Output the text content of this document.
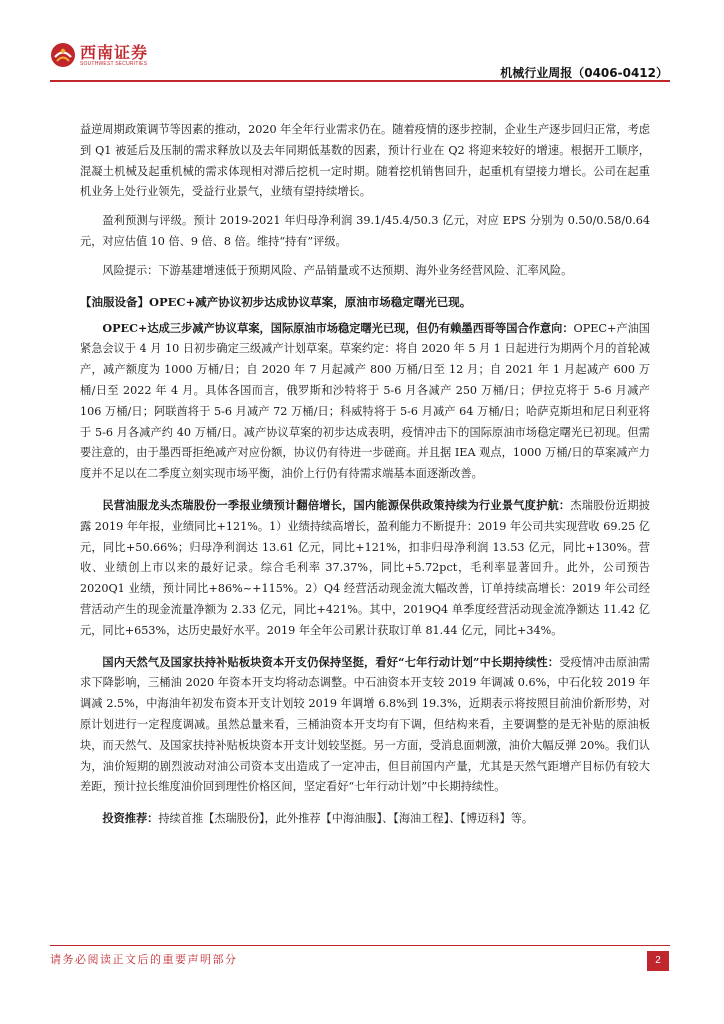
西南证券
SOUTHWEST SECURITIES
机械行业周报（0406-0412）

益逆周期政策调节等因素的推动，2020 年全年行业需求仍在。随着疫情的逐步控制，企业生产逐步回归正常，考虑到 Q1 被延后及压制的需求释放以及去年同期低基数的因素，预计行业在 Q2 将迎来较好的增速。根据开工顺序，混凝土机械及起重机械的需求体现相对滞后挖机一定时期。随着挖机销售回升，起重机有望接力增长。公司在起重机业务上处行业领先，受益行业景气，业绩有望持续增长。

盈利预测与评级。预计 2019-2021 年归母净利润 39.1/45.4/50.3 亿元，对应 EPS 分别为 0.50/0.58/0.64 元，对应估值 10 倍、9 倍、8 倍。维持“持有”评级。

风险提示：下游基建增速低于预期风险、产品销量或不达预期、海外业务经营风险、汇率风险。

【油服设备】OPEC+减产协议初步达成协议草案，原油市场稳定曙光已现。

OPEC+达成三步减产协议草案，国际原油市场稳定曙光已现，但仍有赖墨西哥等国合作意向：OPEC+产油国紧急会议于 4 月 10 日初步确定三级减产计划草案。草案约定：将自 2020 年 5 月 1 日起进行为期两个月的首轮减产，减产额度为 1000 万桶/日；自 2020 年 7 月起减产 800 万桶/日至 12 月；自 2021 年 1 月起减产 600 万桶/日至 2022 年 4 月。具体各国而言，俄罗斯和沙特将于 5-6 月各减产 250 万桶/日；伊拉克将于 5-6 月减产 106 万桶/日；阿联酋将于 5-6 月减产 72 万桶/日；科威特将于 5-6 月减产 64 万桶/日；哈萨克斯坦和尼日利亚将于 5-6 月各减产约 40 万桶/日。减产协议草案的初步达成表明，疫情冲击下的国际原油市场稳定曙光已初现。但需要注意的，由于墨西哥拒绝减产对应份额，协议仍有待进一步磋商。并且据 IEA 观点，1000 万桶/日的草案减产力度并不足以在二季度立刻实现市场平衡，油价上行仍有待需求端基本面逐渐改善。

民营油服龙头杰瑞股份一季报业绩预计翻倍增长，国内能源保供政策持续为行业景气度护航：杰瑞股份近期披露 2019 年年报，业绩同比+121%。1）业绩持续高增长，盈利能力不断提升：2019 年公司共实现营收 69.25 亿元，同比+50.66%；归母净利润达 13.61 亿元，同比+121%，扣非归母净利润 13.53 亿元，同比+130%。营收、业绩创上市以来的最好记录。综合毛利率 37.37%，同比+5.72pct，毛利率显著回升。此外，公司预告 2020Q1 业绩，预计同比+86%~+115%。2）Q4 经营活动现金流大幅改善，订单持续高增长：2019 年公司经营活动产生的现金流量净额为 2.33 亿元，同比+421%。其中，2019Q4 单季度经营活动现金流净额达 11.42 亿元，同比+653%，达历史最好水平。2019 年全年公司累计获取订单 81.44 亿元，同比+34%。

国内天然气及国家扶持补贴板块资本开支仍保持坚挺，看好“七年行动计划”中长期持续性：受疫情冲击原油需求下降影响，三桶油 2020 年资本开支均将动态调整。中石油资本开支较 2019 年调减 0.6%，中石化较 2019 年调减 2.5%，中海油年初发布资本开支计划较 2019 年调增 6.8%到 19.3%，近期表示将按照目前油价新形势，对原计划进行一定程度调减。虽然总量来看，三桶油资本开支均有下调，但结构来看，主要调整的是无补贴的原油板块，而天然气、及国家扶持补贴板块资本开支计划较坚挺。另一方面，受消息面刺激，油价大幅反弹 20%。我们认为，油价短期的剧烈波动对油公司资本支出造成了一定冲击，但目前国内产量，尤其是天然气距增产目标仍有较大差距，预计拉长维度油价回到理性价格区间，坚定看好“七年行动计划”中长期持续性。

投资推荐：持续首推【杰瑞股份】，此外推荐【中海油服】、【海油工程】、【博迈科】等。

请务必阅读正文后的重要声明部分	2
